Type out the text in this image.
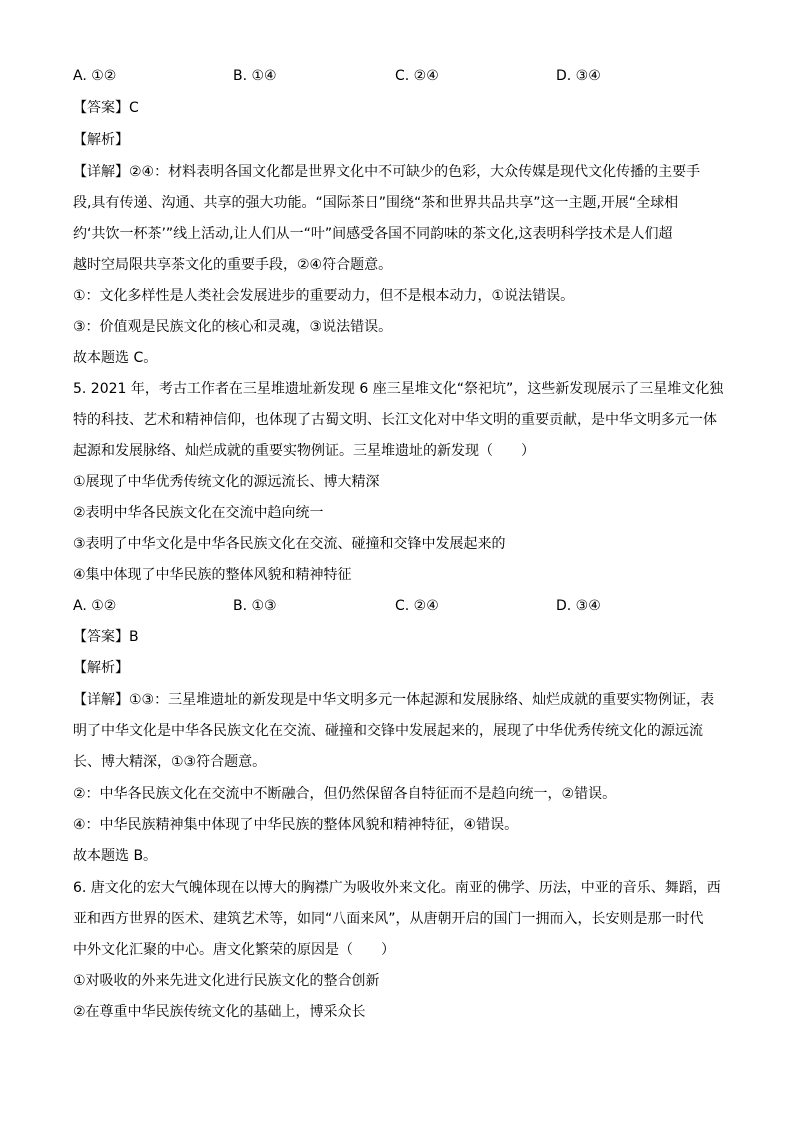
A. ①②	B. ①④	C. ②④	D. ③④
【答案】C
【解析】
【详解】②④：材料表明各国文化都是世界文化中不可缺少的色彩，大众传媒是现代文化传播的主要手
段,具有传递、沟通、共享的强大功能。“国际茶日”围绕“茶和世界共品共享”这一主题,开展“全球相
约‘共饮一杯茶’”线上活动,让人们从一“叶”间感受各国不同韵味的茶文化,这表明科学技术是人们超
越时空局限共享茶文化的重要手段，②④符合题意。
①：文化多样性是人类社会发展进步的重要动力，但不是根本动力，①说法错误。
③：价值观是民族文化的核心和灵魂，③说法错误。
故本题选 C。
5. 2021 年，考古工作者在三星堆遗址新发现 6 座三星堆文化“祭祀坑”，这些新发现展示了三星堆文化独
特的科技、艺术和精神信仰，也体现了古蜀文明、长江文化对中华文明的重要贡献，是中华文明多元一体
起源和发展脉络、灿烂成就的重要实物例证。三星堆遗址的新发现（　　）
①展现了中华优秀传统文化的源远流长、博大精深
②表明中华各民族文化在交流中趋向统一
③表明了中华文化是中华各民族文化在交流、碰撞和交锋中发展起来的
④集中体现了中华民族的整体风貌和精神特征
A. ①②	B. ①③	C. ②④	D. ③④
【答案】B
【解析】
【详解】①③：三星堆遗址的新发现是中华文明多元一体起源和发展脉络、灿烂成就的重要实物例证，表
明了中华文化是中华各民族文化在交流、碰撞和交锋中发展起来的，展现了中华优秀传统文化的源远流
长、博大精深，①③符合题意。
②：中华各民族文化在交流中不断融合，但仍然保留各自特征而不是趋向统一，②错误。
④：中华民族精神集中体现了中华民族的整体风貌和精神特征，④错误。
故本题选 B。
6. 唐文化的宏大气魄体现在以博大的胸襟广为吸收外来文化。南亚的佛学、历法，中亚的音乐、舞蹈，西
亚和西方世界的医术、建筑艺术等，如同“八面来风”，从唐朝开启的国门一拥而入，长安则是那一时代
中外文化汇聚的中心。唐文化繁荣的原因是（　　）
①对吸收的外来先进文化进行民族文化的整合创新
②在尊重中华民族传统文化的基础上，博采众长
